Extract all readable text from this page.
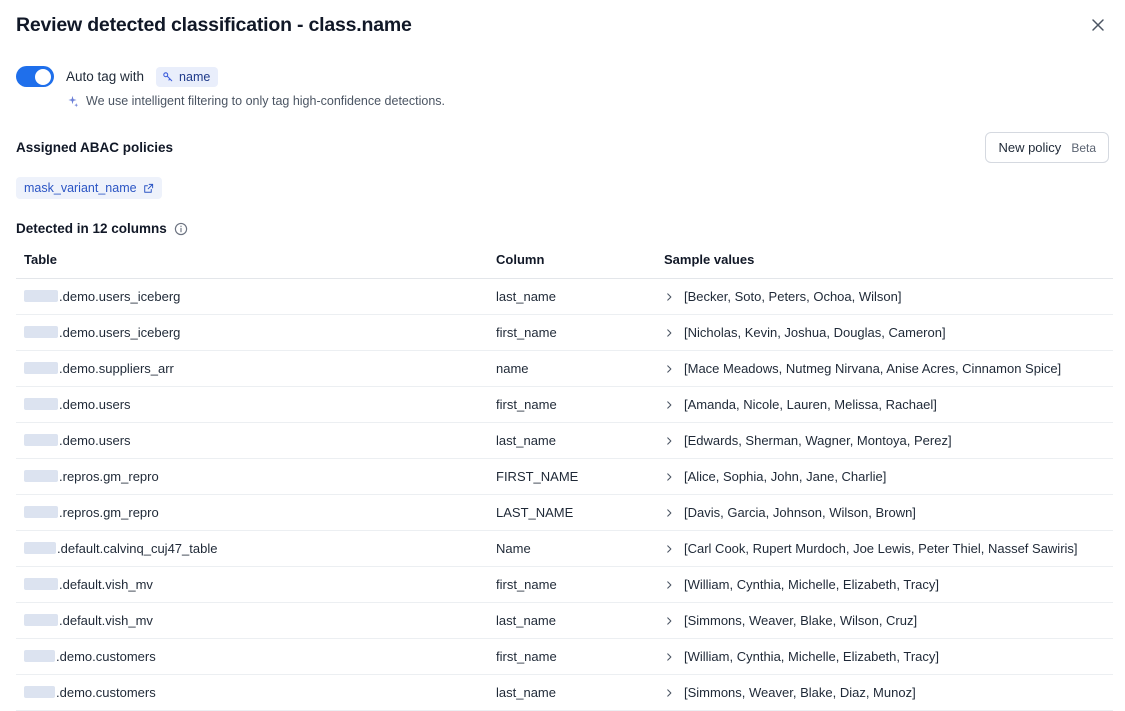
Review detected classification - class.name
Auto tag with	name
We use intelligent filtering to only tag high-confidence detections.
Assigned ABAC policies	New policy Beta
mask_variant_name
Detected in 12 columns
Table	Column	Sample values
.demo.users_iceberg	last_name	[Becker, Soto, Peters, Ochoa, Wilson]

.demo.users_iceberg	first_name	[Nicholas, Kevin, Joshua, Douglas, Cameron]

.demo.suppliers_arr	name	[Mace Meadows, Nutmeg Nirvana, Anise Acres, Cinnamon Spice]

.demo.users	first_name	[Amanda, Nicole, Lauren, Melissa, Rachael]

.demo.users	last_name	[Edwards, Sherman, Wagner, Montoya, Perez]

.repros.gm_repro	FIRST_NAME	[Alice, Sophia, John, Jane, Charlie]

.repros.gm_repro	LAST_NAME	[Davis, Garcia, Johnson, Wilson, Brown]

.default.calvinq_cuj47_table	Name	[Carl Cook, Rupert Murdoch, Joe Lewis, Peter Thiel, Nassef Sawiris]

.default.vish_mv	first_name	[William, Cynthia, Michelle, Elizabeth, Tracy]

.default.vish_mv	last_name	[Simmons, Weaver, Blake, Wilson, Cruz]

.demo.customers	first_name	[William, Cynthia, Michelle, Elizabeth, Tracy]

.demo.customers	last_name	[Simmons, Weaver, Blake, Diaz, Munoz]
